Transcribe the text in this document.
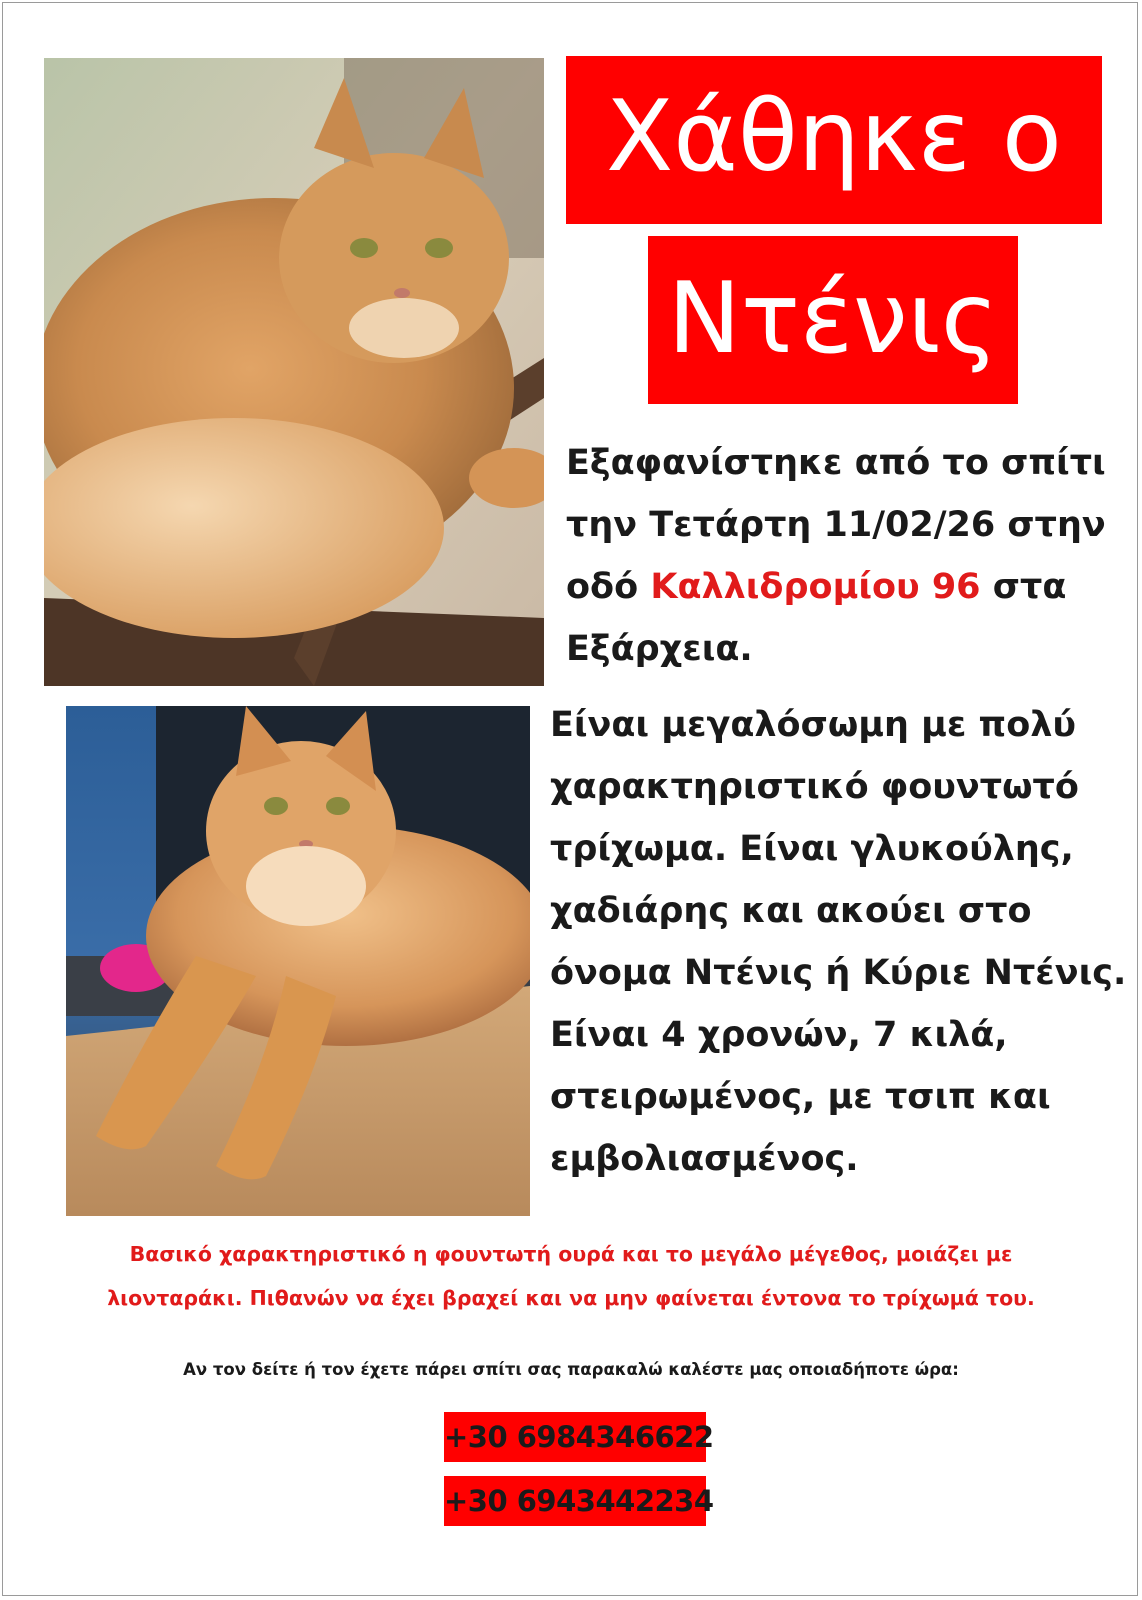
Χάθηκε ο
Ντένις
Εξαφανίστηκε από το σπίτι
την Τετάρτη 11/02/26 στην
οδό Καλλιδρομίου 96 στα
Εξάρχεια.
Είναι μεγαλόσωμη με πολύ
χαρακτηριστικό φουντωτό
τρίχωμα. Είναι γλυκούλης,
χαδιάρης και ακούει στο
όνομα Ντένις ή Κύριε Ντένις.
Είναι 4 χρονών, 7 κιλά,
στειρωμένος, με τσιπ και
εμβολιασμένος.
Βασικό χαρακτηριστικό η φουντωτή ουρά και το μεγάλο μέγεθος, μοιάζει με
λιονταράκι. Πιθανών να έχει βραχεί και να μην φαίνεται έντονα το τρίχωμά του.
Αν τον δείτε ή τον έχετε πάρει σπίτι σας παρακαλώ καλέστε μας οποιαδήποτε ώρα:
+30 6984346622
+30 6943442234
